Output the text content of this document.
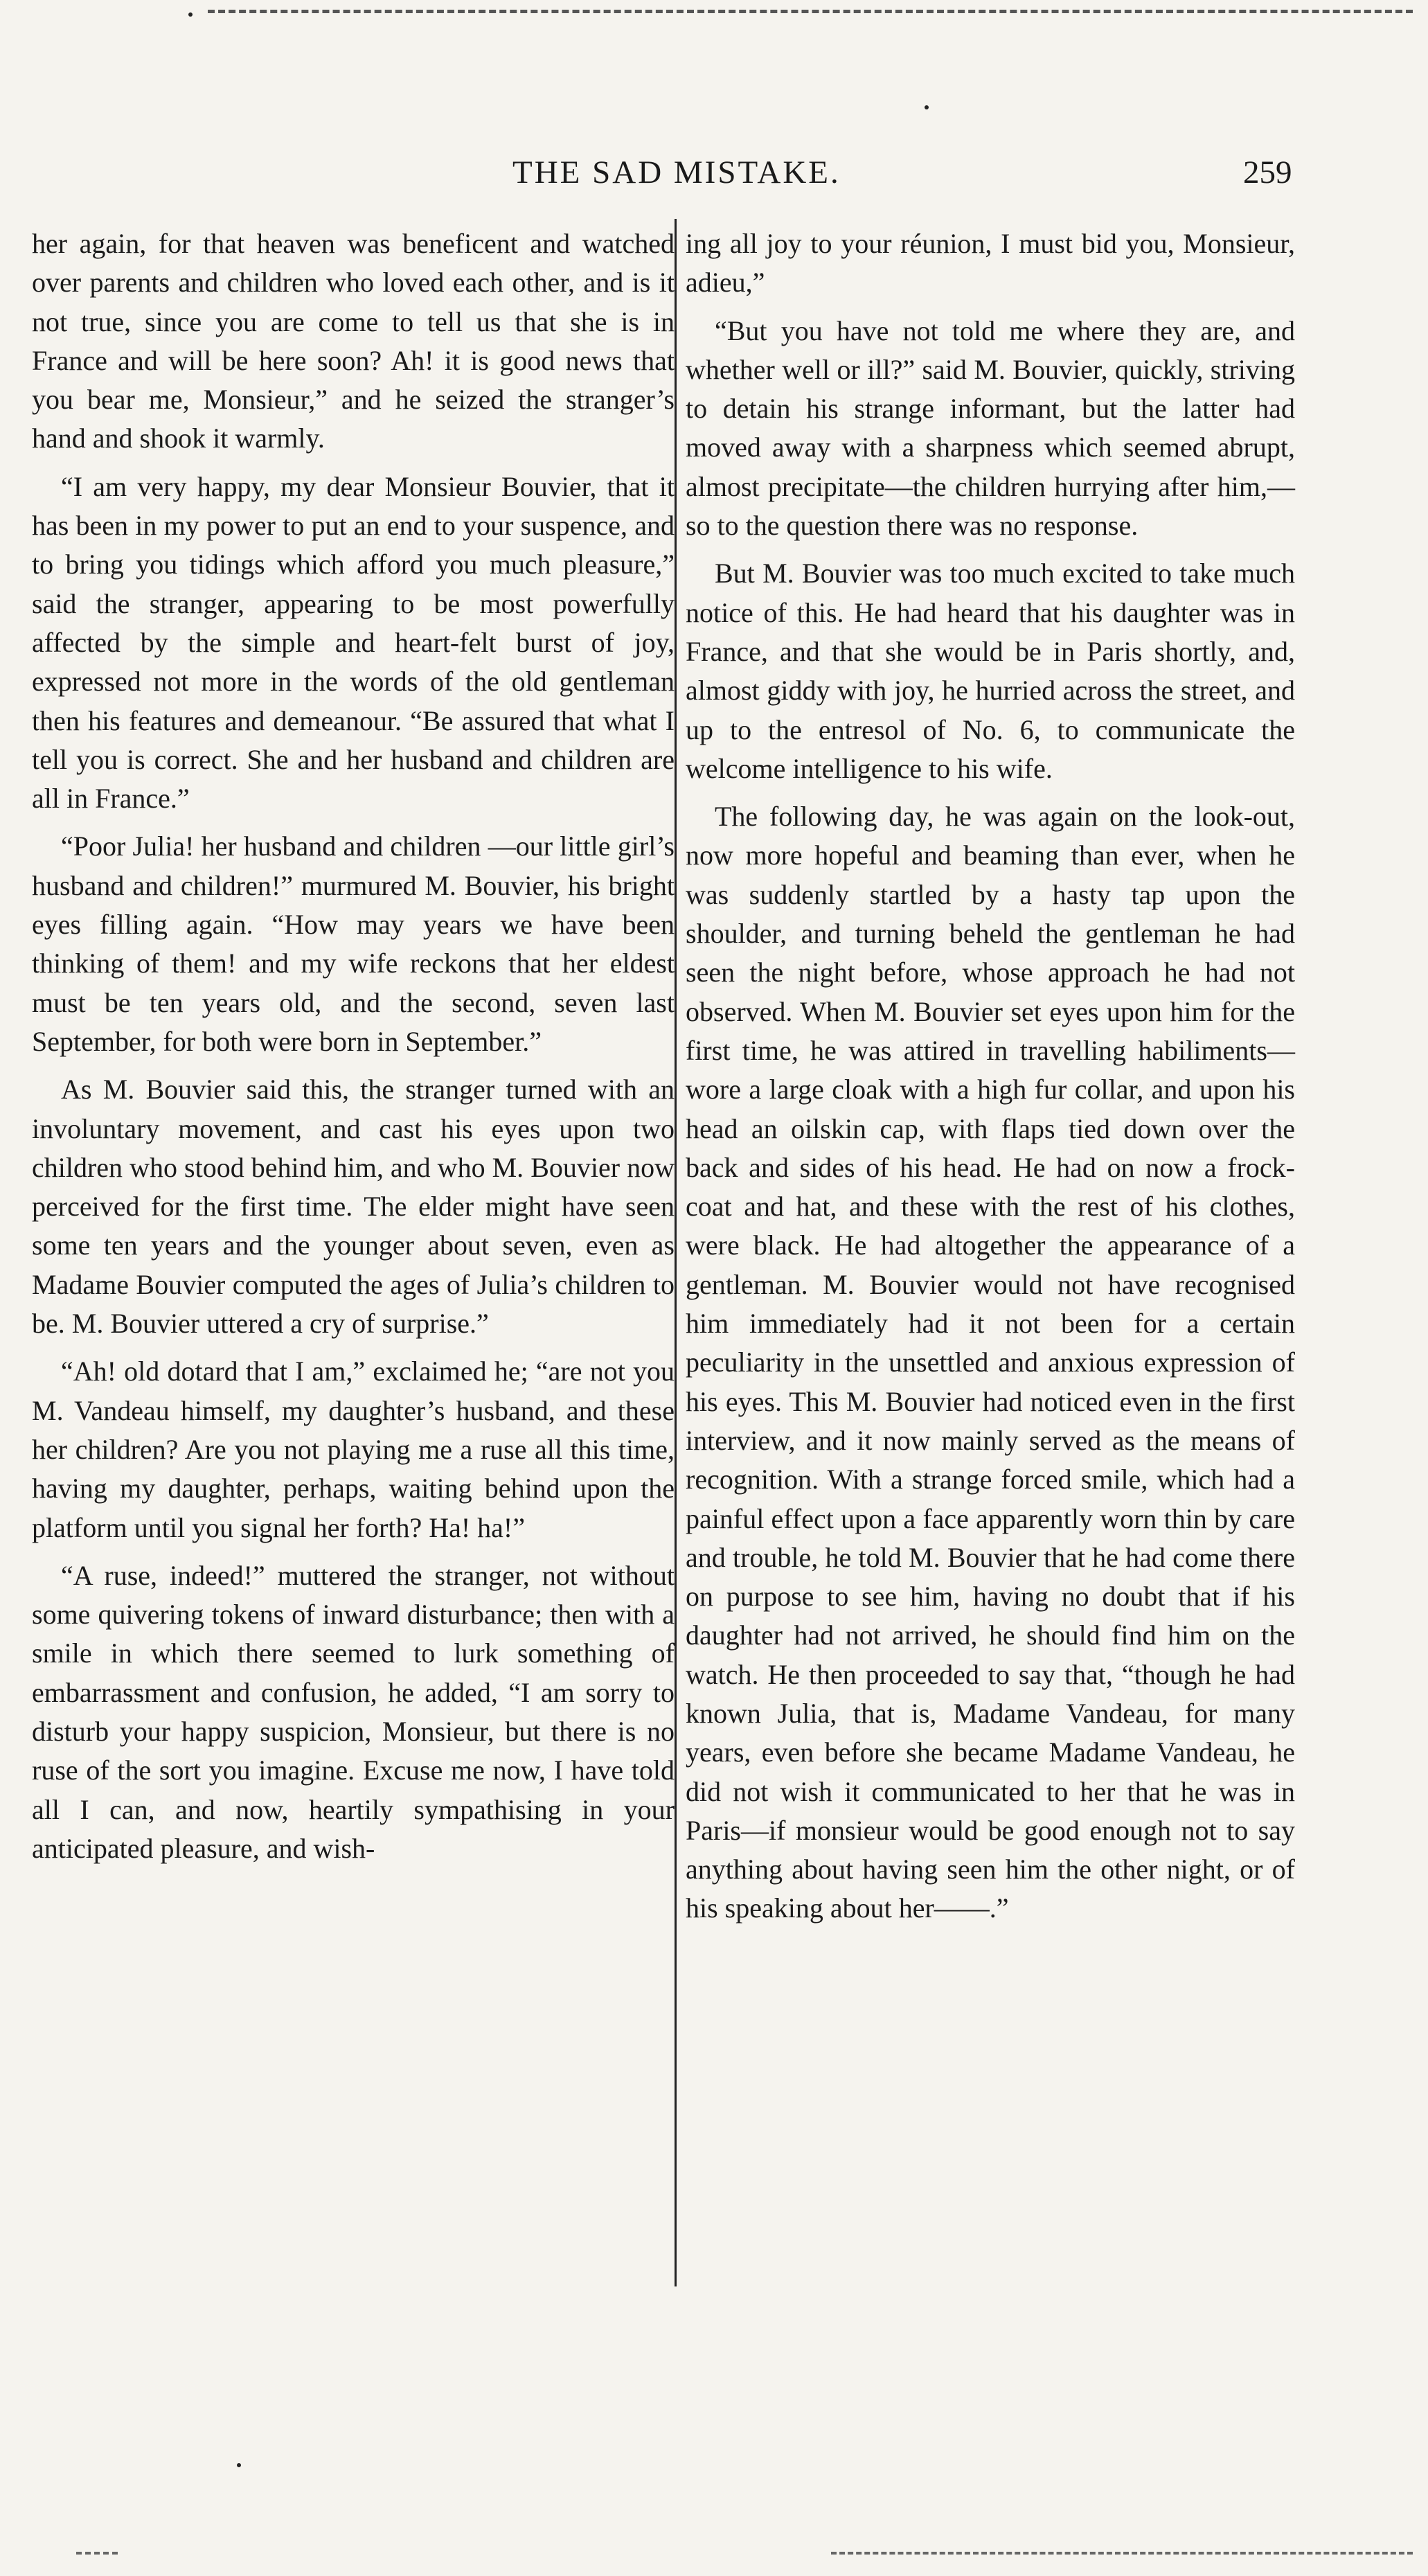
THE SAD MISTAKE.	259

her again, for that heaven was beneficent and watched over parents and children who loved each other, and is it not true, since you are come to tell us that she is in France and will be here soon? Ah! it is good news that you bear me, Monsieur,” and he seized the stranger’s hand and shook it warmly.

“I am very happy, my dear Monsieur Bouvier, that it has been in my power to put an end to your suspence, and to bring you tidings which afford you much pleasure,” said the stranger, appearing to be most powerfully affected by the simple and heart-felt burst of joy, expressed not more in the words of the old gentleman then his features and demeanour. “Be assured that what I tell you is correct. She and her husband and children are all in France.”

“Poor Julia! her husband and children —our little girl’s husband and children!” murmured M. Bouvier, his bright eyes filling again. “How may years we have been thinking of them! and my wife reckons that her eldest must be ten years old, and the second, seven last September, for both were born in September.”

As M. Bouvier said this, the stranger turned with an involuntary movement, and cast his eyes upon two children who stood behind him, and who M. Bouvier now perceived for the first time. The elder might have seen some ten years and the younger about seven, even as Madame Bouvier computed the ages of Julia’s children to be. M. Bouvier uttered a cry of surprise.”

“Ah! old dotard that I am,” exclaimed he; “are not you M. Vandeau himself, my daughter’s husband, and these her children? Are you not playing me a ruse all this time, having my daughter, perhaps, waiting behind upon the platform until you signal her forth? Ha! ha!”

“A ruse, indeed!” muttered the stranger, not without some quivering tokens of inward disturbance; then with a smile in which there seemed to lurk something of embarrassment and confusion, he added, “I am sorry to disturb your happy suspicion, Monsieur, but there is no ruse of the sort you imagine. Excuse me now, I have told all I can, and now, heartily sympathising in your anticipated pleasure, and wish-

ing all joy to your réunion, I must bid you, Monsieur, adieu,”

“But you have not told me where they are, and whether well or ill?” said M. Bouvier, quickly, striving to detain his strange informant, but the latter had moved away with a sharpness which seemed abrupt, almost precipitate—the children hurrying after him,—so to the question there was no response.

But M. Bouvier was too much excited to take much notice of this. He had heard that his daughter was in France, and that she would be in Paris shortly, and, almost giddy with joy, he hurried across the street, and up to the entresol of No. 6, to communicate the welcome intelligence to his wife.

The following day, he was again on the look-out, now more hopeful and beaming than ever, when he was suddenly startled by a hasty tap upon the shoulder, and turning beheld the gentleman he had seen the night before, whose approach he had not observed. When M. Bouvier set eyes upon him for the first time, he was attired in travelling habiliments—wore a large cloak with a high fur collar, and upon his head an oilskin cap, with flaps tied down over the back and sides of his head. He had on now a frock-coat and hat, and these with the rest of his clothes, were black. He had altogether the appearance of a gentleman. M. Bouvier would not have recognised him immediately had it not been for a certain peculiarity in the unsettled and anxious expression of his eyes. This M. Bouvier had noticed even in the first interview, and it now mainly served as the means of recognition. With a strange forced smile, which had a painful effect upon a face apparently worn thin by care and trouble, he told M. Bouvier that he had come there on purpose to see him, having no doubt that if his daughter had not arrived, he should find him on the watch. He then proceeded to say that, “though he had known Julia, that is, Madame Vandeau, for many years, even before she became Madame Vandeau, he did not wish it communicated to her that he was in Paris—if monsieur would be good enough not to say anything about having seen him the other night, or of his speaking about her——.”
